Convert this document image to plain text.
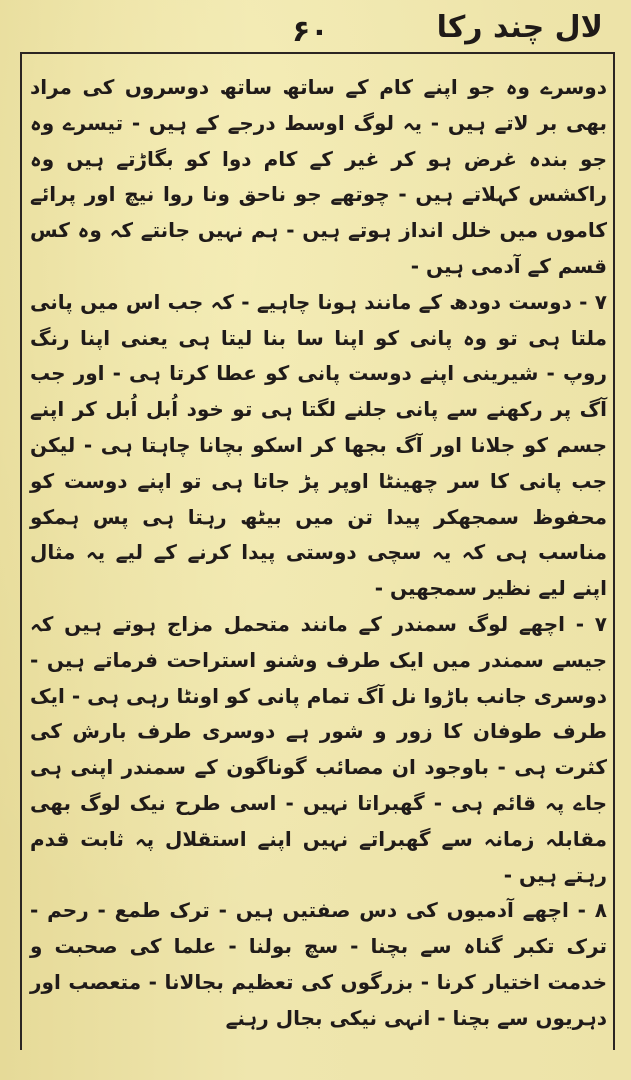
لال چند رکا
۶۰

دوسرے وہ جو اپنے کام کے ساتھ ساتھ دوسروں کی مراد بھی بر لاتے ہیں - یہ لوگ اوسط درجے کے ہیں - تیسرے وہ جو بندہ غرض ہو کر غیر کے کام دوا کو بگاڑتے ہیں وہ راکشس کہلاتے ہیں - چوتھے جو ناحق ونا روا نیچ اور پرائے کاموں میں خلل انداز ہوتے ہیں - ہم نہیں جانتے کہ وہ کس قسم کے آدمی ہیں -

۷ - دوست دودھ کے مانند ہونا چاہیے - کہ جب اس میں پانی ملتا ہی تو وہ پانی کو اپنا سا بنا لیتا ہی یعنی اپنا رنگ روپ - شیرینی اپنے دوست پانی کو عطا کرتا ہی - اور جب آگ پر رکھنے سے پانی جلنے لگتا ہی تو خود اُبل اُبل کر اپنے جسم کو جلانا اور آگ بجھا کر اسکو بچانا چاہتا ہی - لیکن جب پانی کا سر چھینٹا اوپر پڑ جاتا ہی تو اپنے دوست کو محفوظ سمجھکر پیدا تن میں بیٹھ رہتا ہی پس ہمکو مناسب ہی کہ یہ سچی دوستی پیدا کرنے کے لیے یہ مثال اپنے لیے نظیر سمجھیں -

۷ - اچھے لوگ سمندر کے مانند متحمل مزاج ہوتے ہیں کہ جیسے سمندر میں ایک طرف وشنو استراحت فرماتے ہیں - دوسری جانب باڑوا نل آگ تمام پانی کو اونٹا رہی ہی - ایک طرف طوفان کا زور و شور ہے دوسری طرف بارش کی کثرت ہی - باوجود ان مصائب گوناگون کے سمندر اپنی ہی جاے پہ قائم ہی - گھبراتا نہیں - اسی طرح نیک لوگ بھی مقابلہ زمانہ سے گھبراتے نہیں اپنے استقلال پہ ثابت قدم رہتے ہیں -

۸ - اچھے آدمیوں کی دس صفتیں ہیں - ترک طمع - رحم - ترک تکبر گناہ سے بچنا - سچ بولنا - علما کی صحبت و خدمت اختیار کرنا - بزرگوں کی تعظیم بجالانا - متعصب اور دہریوں سے بچنا - انہی نیکی بجال رہنے
